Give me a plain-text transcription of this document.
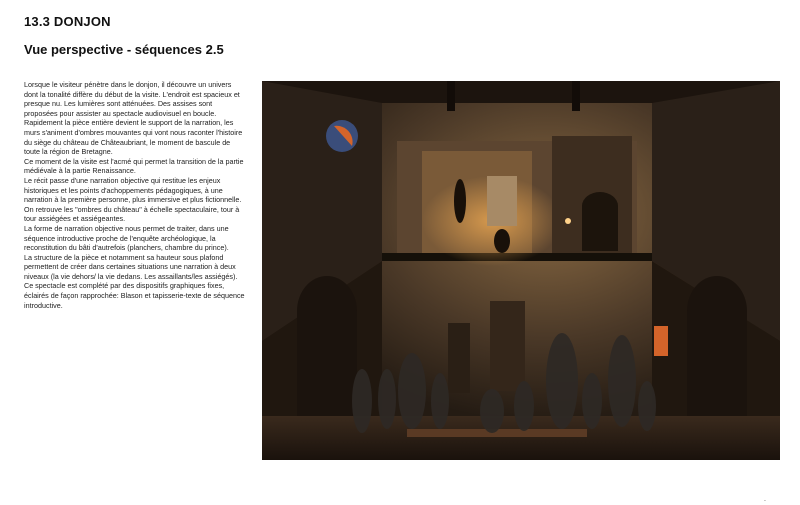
13.3 DONJON
Vue perspective - séquences 2.5

Lorsque le visiteur pénètre dans le donjon, il découvre un univers dont la tonalité diffère du début de la visite. L'endroit est spacieux et presque nu. Les lumières sont atténuées. Des assises sont proposées pour assister au spectacle audiovisuel en boucle.

Rapidement la pièce entière devient le support de la narration, les murs s'animent d'ombres mouvantes qui vont nous raconter l'histoire du siège du château de Châteaubriant, le moment de bascule de toute la région de Bretagne.

Ce moment de la visite est l'acmé qui permet la transition de la partie médiévale à la partie Renaissance.

Le récit passe d'une narration objective qui restitue les enjeux historiques et les points d'achoppements pédagogiques, à une narration à la première personne, plus immersive et plus fictionnelle. On retrouve les "ombres du château" à échelle spectaculaire, tour à tour assiégées et assiégeantes.

La forme de narration objective nous permet de traiter, dans une séquence introductive proche de l'enquête archéologique, la reconstitution du bâti d'autrefois (planchers, chambre du prince).

La structure de la pièce et notamment sa hauteur sous plafond permettent de créer dans certaines situations une narration à deux niveaux (la vie dehors/ la vie dedans. Les assaillants/les assiégés).

Ce spectacle est complété par des dispositifs graphiques fixes, éclairés de façon rapprochée: Blason et tapisserie-texte de séquence introductive.

.
